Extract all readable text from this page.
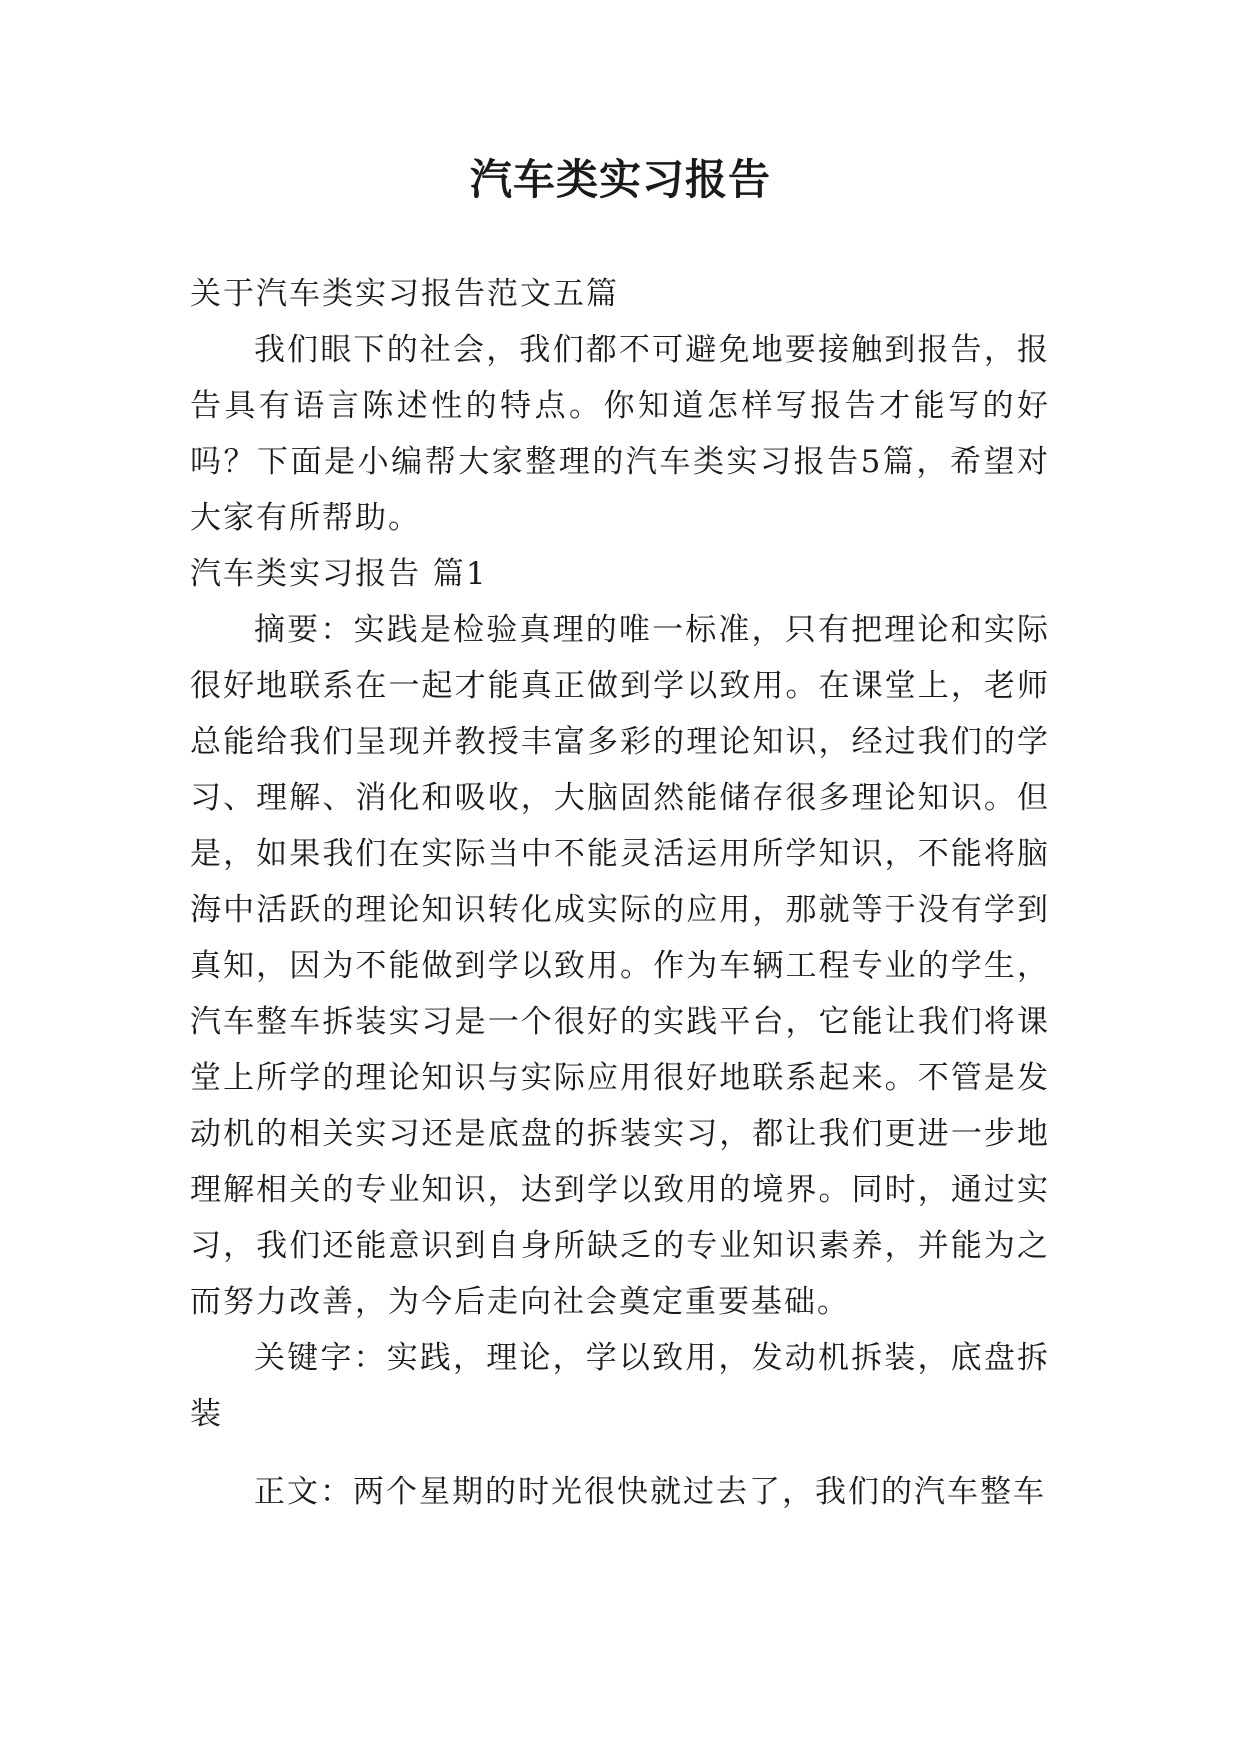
汽车类实习报告

关于汽车类实习报告范文五篇

我们眼下的社会，我们都不可避免地要接触到报告，报告具有语言陈述性的特点。你知道怎样写报告才能写的好吗？下面是小编帮大家整理的汽车类实习报告5篇，希望对大家有所帮助。

汽车类实习报告 篇1

摘要：实践是检验真理的唯一标准，只有把理论和实际很好地联系在一起才能真正做到学以致用。在课堂上，老师总能给我们呈现并教授丰富多彩的理论知识，经过我们的学习、理解、消化和吸收，大脑固然能储存很多理论知识。但是，如果我们在实际当中不能灵活运用所学知识，不能将脑海中活跃的理论知识转化成实际的应用，那就等于没有学到真知，因为不能做到学以致用。作为车辆工程专业的学生，汽车整车拆装实习是一个很好的实践平台，它能让我们将课堂上所学的理论知识与实际应用很好地联系起来。不管是发动机的相关实习还是底盘的拆装实习，都让我们更进一步地理解相关的专业知识，达到学以致用的境界。同时，通过实习，我们还能意识到自身所缺乏的专业知识素养，并能为之而努力改善，为今后走向社会奠定重要基础。

关键字：实践，理论，学以致用，发动机拆装，底盘拆装

正文：两个星期的时光很快就过去了，我们的汽车整车
